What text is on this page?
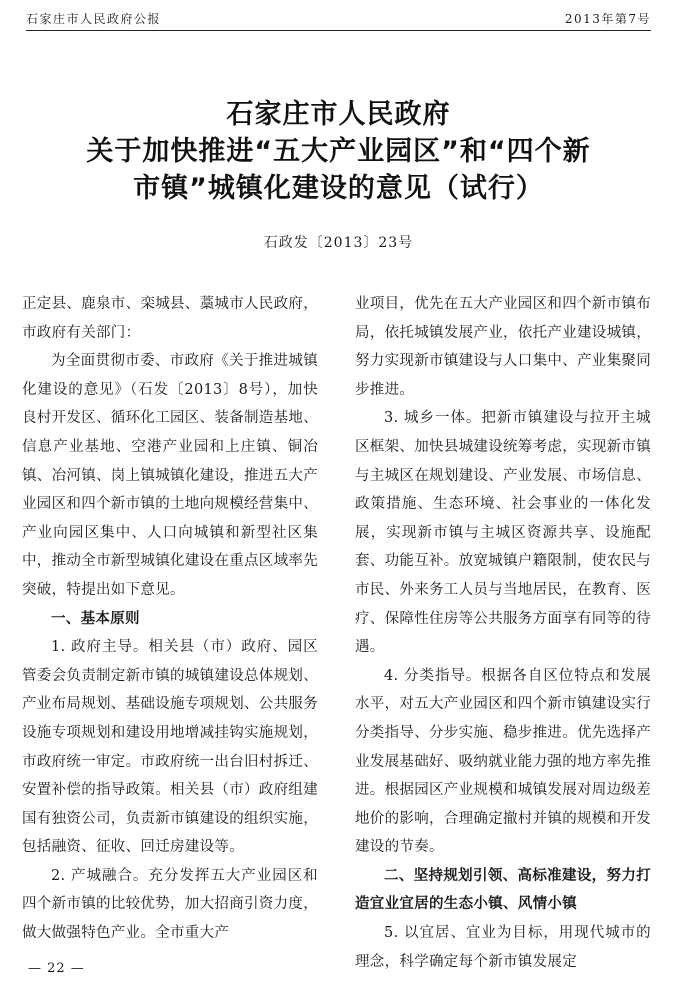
石家庄市人民政府公报	2013年第7号
石家庄市人民政府
关于加快推进“五大产业园区”和“四个新
市镇”城镇化建设的意见（试行）
石政发〔2013〕23号

正定县、鹿泉市、栾城县、藁城市人民政府，市政府有关部门：

为全面贯彻市委、市政府《关于推进城镇化建设的意见》（石发〔2013〕8号），加快良村开发区、循环化工园区、装备制造基地、信息产业基地、空港产业园和上庄镇、铜冶镇、冶河镇、岗上镇城镇化建设，推进五大产业园区和四个新市镇的土地向规模经营集中、产业向园区集中、人口向城镇和新型社区集中，推动全市新型城镇化建设在重点区域率先突破，特提出如下意见。

一、基本原则

1. 政府主导。相关县（市）政府、园区管委会负责制定新市镇的城镇建设总体规划、产业布局规划、基础设施专项规划、公共服务设施专项规划和建设用地增减挂钩实施规划，市政府统一审定。市政府统一出台旧村拆迁、安置补偿的指导政策。相关县（市）政府组建国有独资公司，负责新市镇建设的组织实施，包括融资、征收、回迁房建设等。

2. 产城融合。充分发挥五大产业园区和四个新市镇的比较优势，加大招商引资力度，做大做强特色产业。全市重大产

业项目，优先在五大产业园区和四个新市镇布局，依托城镇发展产业，依托产业建设城镇，努力实现新市镇建设与人口集中、产业集聚同步推进。

3. 城乡一体。把新市镇建设与拉开主城区框架、加快县城建设统筹考虑，实现新市镇与主城区在规划建设、产业发展、市场信息、政策措施、生态环境、社会事业的一体化发展，实现新市镇与主城区资源共享、设施配套、功能互补。放宽城镇户籍限制，使农民与市民、外来务工人员与当地居民，在教育、医疗、保障性住房等公共服务方面享有同等的待遇。

4. 分类指导。根据各自区位特点和发展水平，对五大产业园区和四个新市镇建设实行分类指导、分步实施、稳步推进。优先选择产业发展基础好、吸纳就业能力强的地方率先推进。根据园区产业规模和城镇发展对周边级差地价的影响，合理确定撤村并镇的规模和开发建设的节奏。

二、坚持规划引领、高标准建设，努力打造宜业宜居的生态小镇、风情小镇

5. 以宜居、宜业为目标，用现代城市的理念，科学确定每个新市镇发展定

— 22 —
